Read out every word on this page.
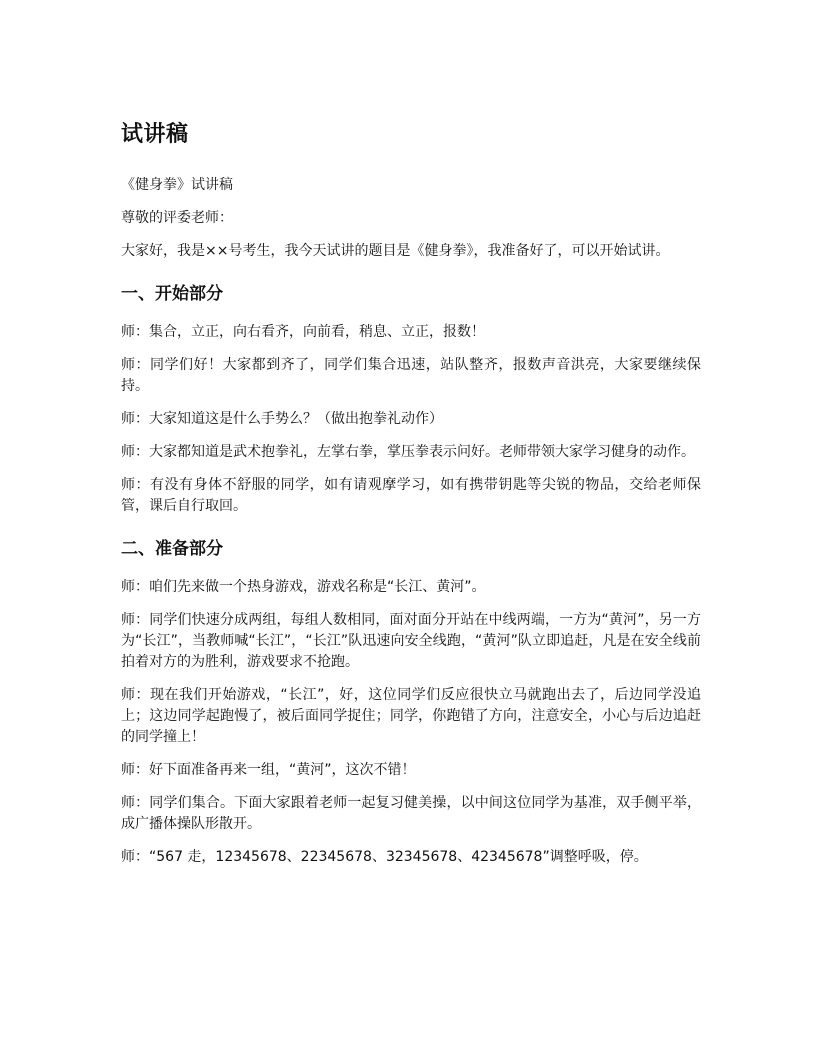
试讲稿

《健身拳》试讲稿

尊敬的评委老师：

大家好，我是××号考生，我今天试讲的题目是《健身拳》，我准备好了，可以开始试讲。

一、开始部分

师：集合，立正，向右看齐，向前看，稍息、立正，报数！

师：同学们好！大家都到齐了，同学们集合迅速，站队整齐，报数声音洪亮，大家要继续保持。

师：大家知道这是什么手势么？（做出抱拳礼动作）

师：大家都知道是武术抱拳礼，左掌右拳，掌压拳表示问好。老师带领大家学习健身的动作。

师：有没有身体不舒服的同学，如有请观摩学习，如有携带钥匙等尖锐的物品，交给老师保管，课后自行取回。

二、准备部分

师：咱们先来做一个热身游戏，游戏名称是“长江、黄河”。

师：同学们快速分成两组，每组人数相同，面对面分开站在中线两端，一方为“黄河”，另一方为“长江”，当教师喊“长江”，“长江”队迅速向安全线跑，“黄河”队立即追赶，凡是在安全线前拍着对方的为胜利，游戏要求不抢跑。

师：现在我们开始游戏，“长江”，好，这位同学们反应很快立马就跑出去了，后边同学没追上；这边同学起跑慢了，被后面同学捉住；同学，你跑错了方向，注意安全，小心与后边追赶的同学撞上！

师：好下面准备再来一组，“黄河”，这次不错！

师：同学们集合。下面大家跟着老师一起复习健美操，以中间这位同学为基准，双手侧平举，成广播体操队形散开。

师：“567 走，12345678、22345678、32345678、42345678”调整呼吸，停。
